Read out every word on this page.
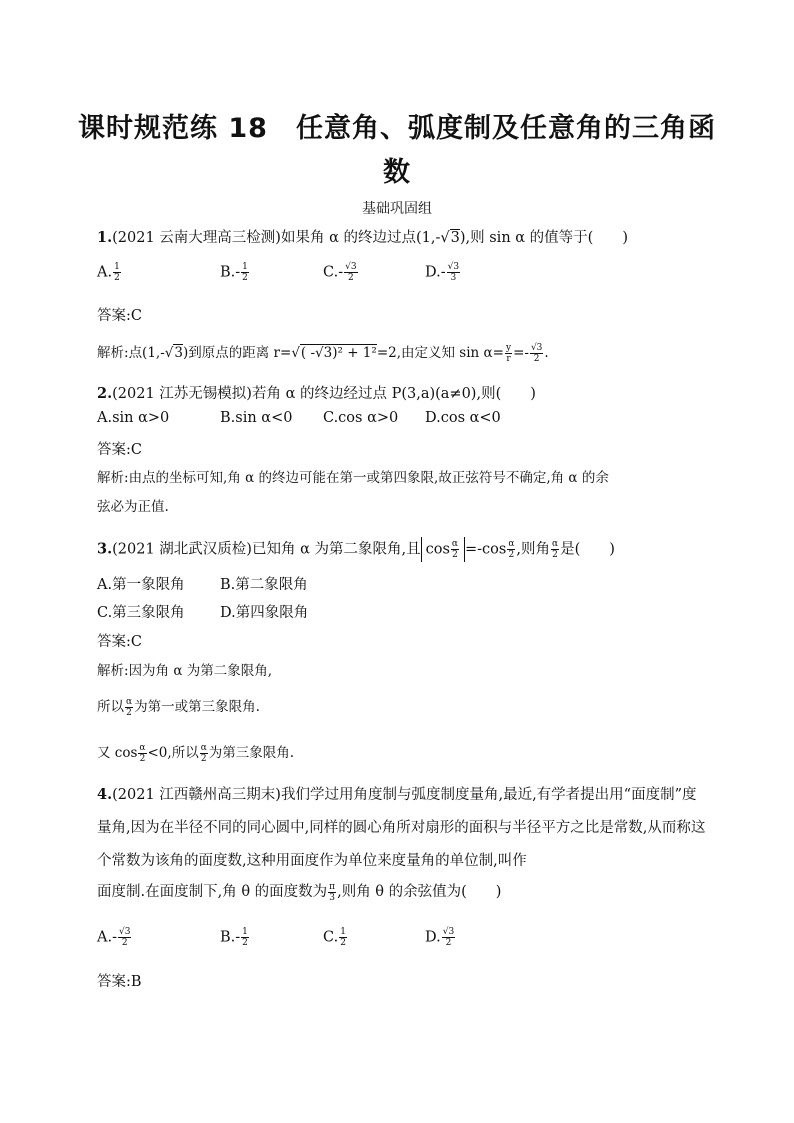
课时规范练 18　任意角、弧度制及任意角的三角函
数
基础巩固组
1.(2021 云南大理高三检测)如果角 α 的终边过点(1,-√3),则 sin α 的值等于(　　)
A. $\frac{1}{2}$	$B.- \frac{1}{2}$	$C.- \frac{√3}{2}$	$D.- \frac{√3}{3}$
答案:C
解析:点(1,-√3)到原点的距离 r=√( -√3)² + 1²=2,由定义知 $\sin \alpha= \frac{y}{r} =- \frac{√3}{2}$ .
2.(2021 江苏无锡模拟)若角 α 的终边经过点 P(3,a)(a≠0),则(　　)
A.sin α>0	B.sin α<0 C.cos α>0 D.cos α<0
答案:C
解析:由点的坐标可知,角 α 的终边可能在第一或第四象限,故正弦符号不确定,角 α 的余
弦必为正值.
3.(2021 湖北武汉质检)已知角 α 为第二象限角,且 $\cos \frac{\alpha}{2} =-\cos \frac{\alpha}{2}$ ,则角 $\frac{\alpha}{2}$ 是(　　)
A.第一象限角 B.第二象限角
C.第三象限角 D.第四象限角
答案:C
解析:因为角 α 为第二象限角,
所以 $\frac{\alpha}{2}$ 为第一或第三象限角.
又 $\cos \frac{\alpha}{2} <0$,所以 $\frac{\alpha}{2}$ 为第三象限角.
4.(2021 江西赣州高三期末)我们学过用角度制与弧度制度量角,最近,有学者提出用“面度制”度量角,因为在半径不同的同心圆中,同样的圆心角所对扇形的面积与半径平方之比是常数,从而称这个常数为该角的面度数,这种用面度作为单位来度量角的单位制,叫作
面度制.在面度制下,角 θ 的面度数为 $\frac{\pi}{3}$ ,则角 θ 的余弦值为(　　)
$A.- \frac{√3}{2}$	$B.- \frac{1}{2}$	C. $\frac{1}{2}$	D. $\frac{√3}{2}$
答案:B
